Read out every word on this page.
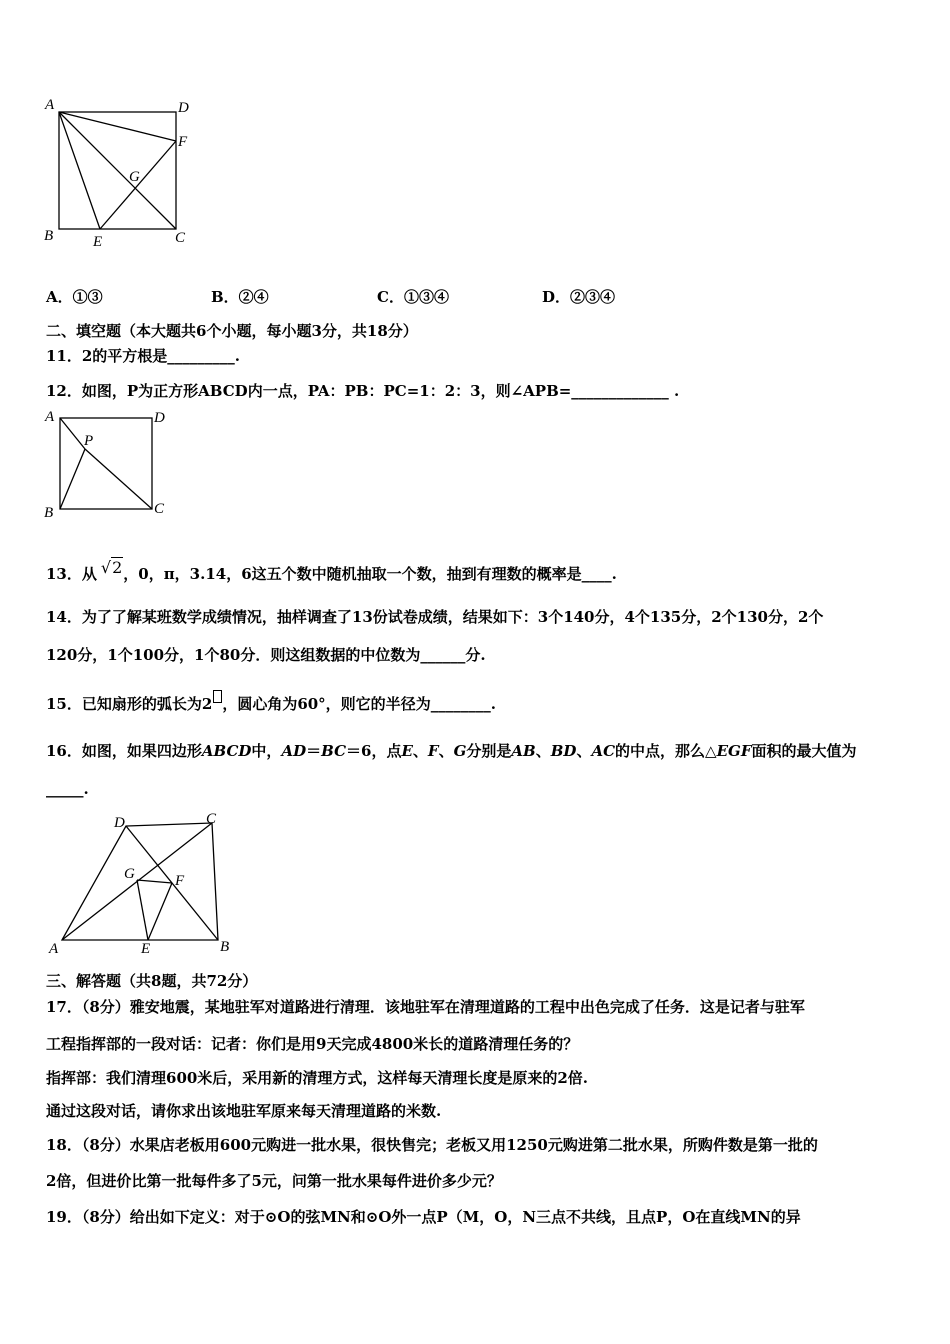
A	D
F
G
B	E	C
A．①③	B．②④	C．①③④	D．②③④
二、填空题（本大题共6个小题，每小题3分，共18分）
11．2的平方根是_________.
12．如图，P为正方形ABCD内一点，PA：PB：PC=1：2：3，则∠APB=_____________ .
A	D
P
B	C
13．从 √2，0，π，3.14，6这五个数中随机抽取一个数，抽到有理数的概率是____.
14．为了了解某班数学成绩情况，抽样调查了13份试卷成绩，结果如下：3个140分，4个135分，2个130分，2个
120分，1个100分，1个80分．则这组数据的中位数为______分.
15．已知扇形的弧长为2 ，圆心角为60°，则它的半径为________.
16．如图，如果四边形ABCD中，AD＝BC＝6，点E、F、G分别是AB、BD、AC的中点，那么△EGF面积的最大值为
_____.
D	C
G	F
A	E	B
三、解答题（共8题，共72分）
17．（8分）雅安地震，某地驻军对道路进行清理．该地驻军在清理道路的工程中出色完成了任务．这是记者与驻军
工程指挥部的一段对话：记者：你们是用9天完成4800米长的道路清理任务的？
指挥部：我们清理600米后，采用新的清理方式，这样每天清理长度是原来的2倍.
通过这段对话，请你求出该地驻军原来每天清理道路的米数.
18．（8分）水果店老板用600元购进一批水果，很快售完；老板又用1250元购进第二批水果，所购件数是第一批的
2倍，但进价比第一批每件多了5元，问第一批水果每件进价多少元？
19．（8分）给出如下定义：对于⊙O的弦MN和⊙O外一点P（M，O，N三点不共线，且点P，O在直线MN的异
